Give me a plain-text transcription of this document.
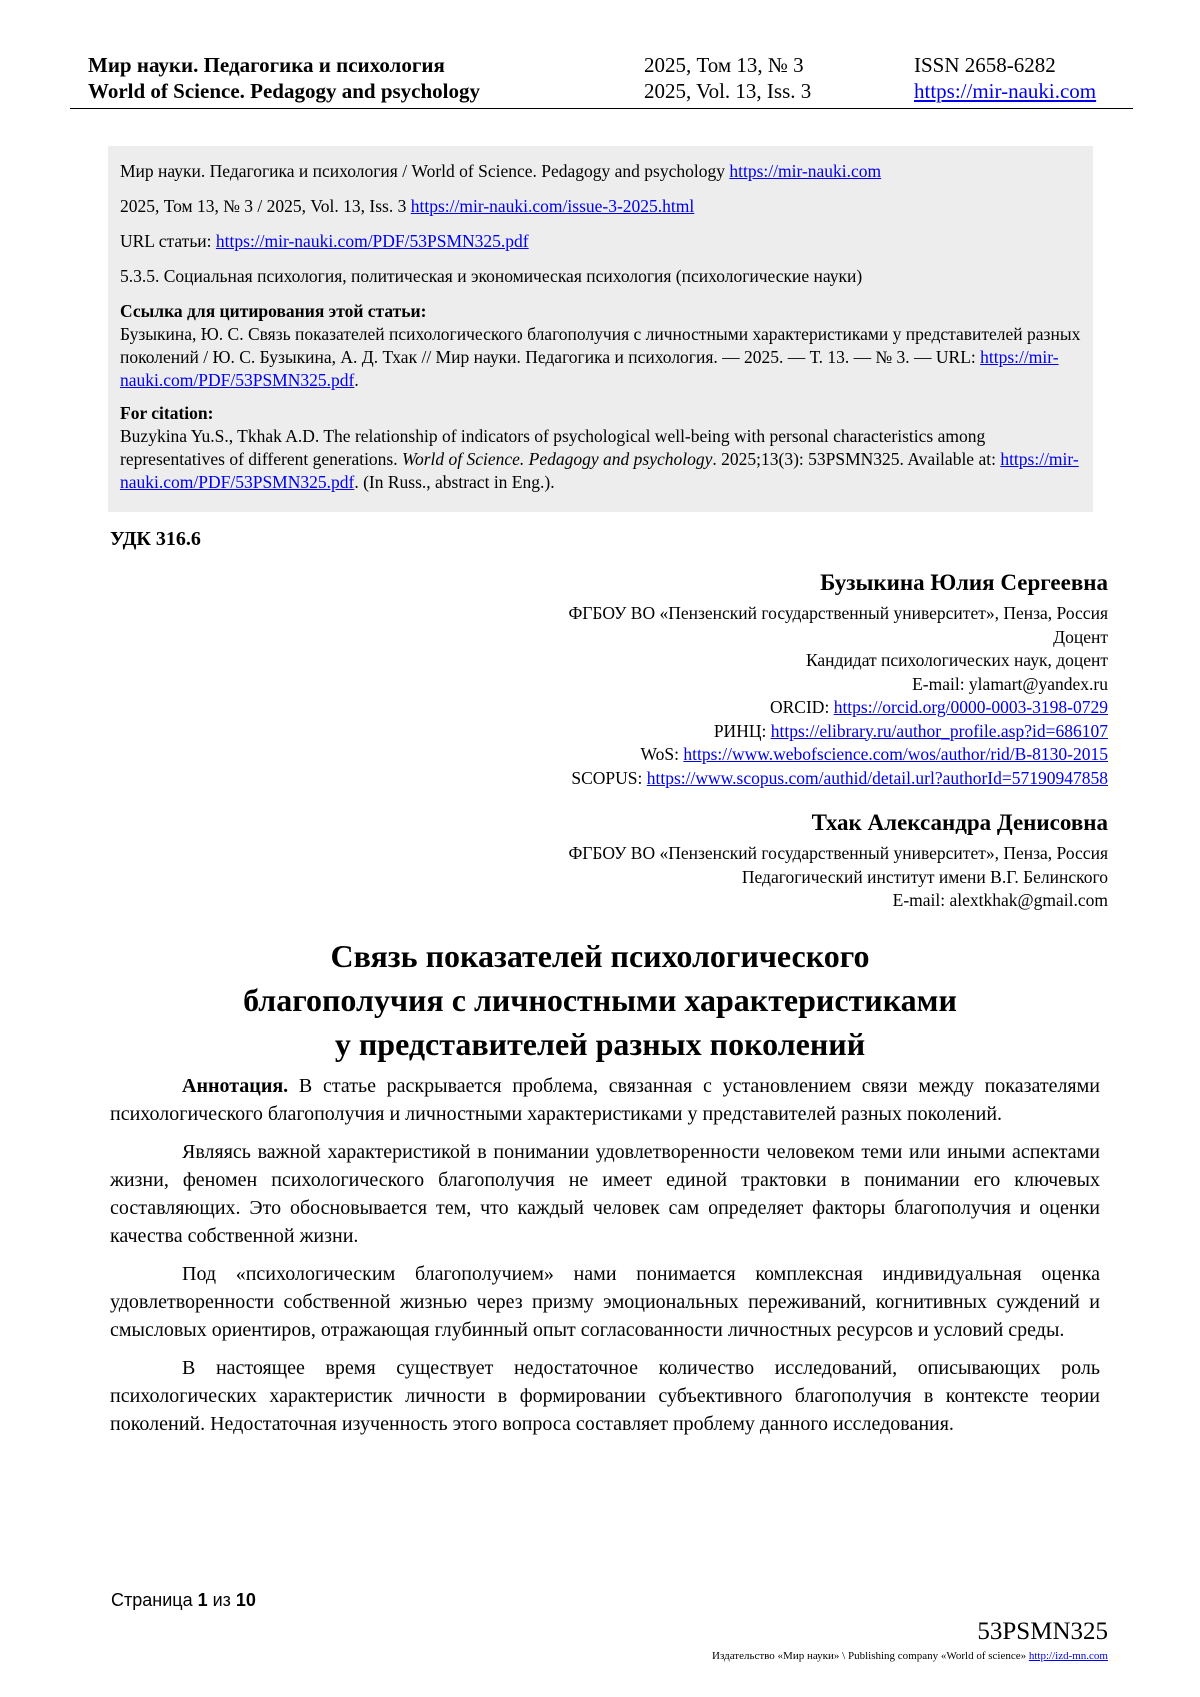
Мир науки. Педагогика и психология
World of Science. Pedagogy and psychology
2025, Том 13, № 3
2025, Vol. 13, Iss. 3
ISSN 2658-6282
https://mir-nauki.com
Мир науки. Педагогика и психология / World of Science. Pedagogy and psychology https://mir-nauki.com
2025, Том 13, № 3 / 2025, Vol. 13, Iss. 3 https://mir-nauki.com/issue-3-2025.html
URL статьи: https://mir-nauki.com/PDF/53PSMN325.pdf
5.3.5. Социальная психология, политическая и экономическая психология (психологические науки)
Ссылка для цитирования этой статьи:
Бузыкина, Ю. С. Связь показателей психологического благополучия с личностными характеристиками у представителей разных поколений / Ю. С. Бузыкина, А. Д. Тхак // Мир науки. Педагогика и психология. — 2025. — Т. 13. — № 3. — URL: https://mir-nauki.com/PDF/53PSMN325.pdf.
For citation:
Buzykina Yu.S., Tkhak A.D. The relationship of indicators of psychological well-being with personal characteristics among representatives of different generations. World of Science. Pedagogy and psychology. 2025;13(3): 53PSMN325. Available at: https://mir-nauki.com/PDF/53PSMN325.pdf. (In Russ., abstract in Eng.).
УДК 316.6
Бузыкина Юлия Сергеевна
ФГБОУ ВО «Пензенский государственный университет», Пенза, Россия
Доцент
Кандидат психологических наук, доцент
E-mail: ylamart@yandex.ru
ORCID: https://orcid.org/0000-0003-3198-0729
РИНЦ: https://elibrary.ru/author_profile.asp?id=686107
WoS: https://www.webofscience.com/wos/author/rid/B-8130-2015
SCOPUS: https://www.scopus.com/authid/detail.url?authorId=57190947858
Тхак Александра Денисовна
ФГБОУ ВО «Пензенский государственный университет», Пенза, Россия
Педагогический институт имени В.Г. Белинского
E-mail: alextkhak@gmail.com
Связь показателей психологического
благополучия с личностными характеристиками
у представителей разных поколений

Аннотация. В статье раскрывается проблема, связанная с установлением связи между показателями психологического благополучия и личностными характеристиками у представителей разных поколений.

Являясь важной характеристикой в понимании удовлетворенности человеком теми или иными аспектами жизни, феномен психологического благополучия не имеет единой трактовки в понимании его ключевых составляющих. Это обосновывается тем, что каждый человек сам определяет факторы благополучия и оценки качества собственной жизни.

Под «психологическим благополучием» нами понимается комплексная индивидуальная оценка удовлетворенности собственной жизнью через призму эмоциональных переживаний, когнитивных суждений и смысловых ориентиров, отражающая глубинный опыт согласованности личностных ресурсов и условий среды.

В настоящее время существует недостаточное количество исследований, описывающих роль психологических характеристик личности в формировании субъективного благополучия в контексте теории поколений. Недостаточная изученность этого вопроса составляет проблему данного исследования.

Страница 1 из 10
53PSMN325
Издательство «Мир науки» \ Publishing company «World of science» http://izd-mn.com
